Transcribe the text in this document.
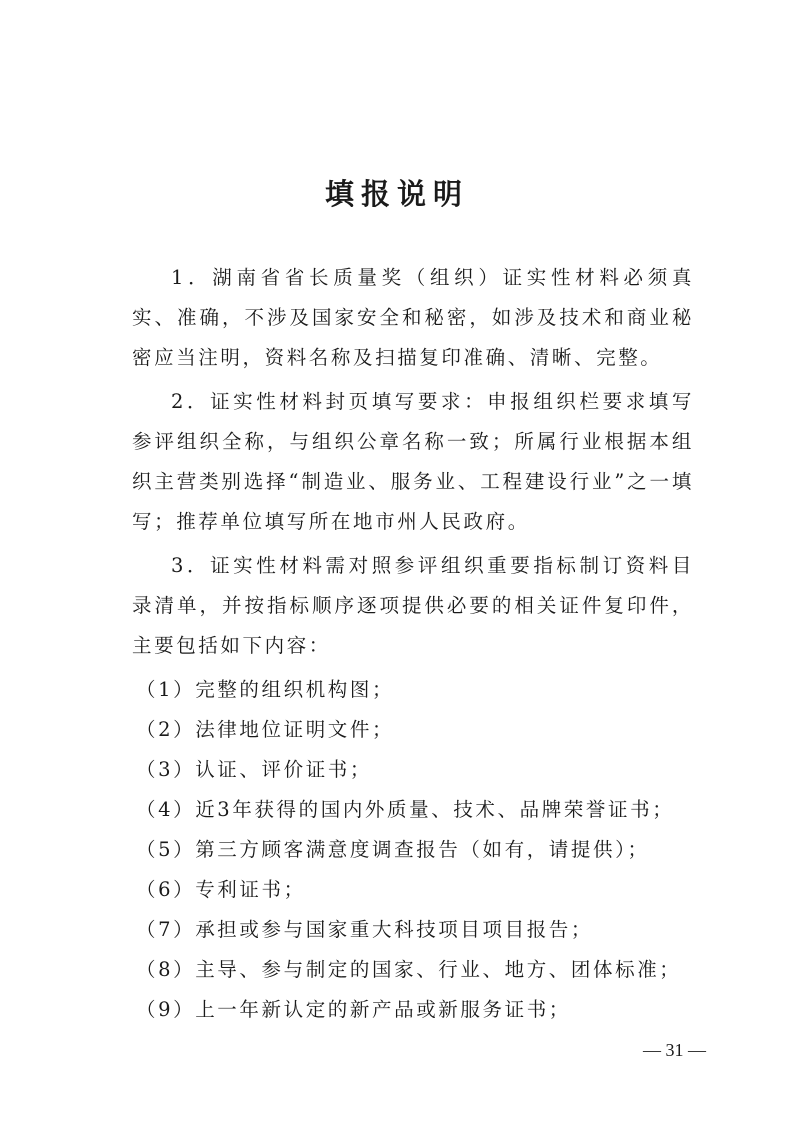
填报说明

1．湖南省省长质量奖（组织）证实性材料必须真实、准确，不涉及国家安全和秘密，如涉及技术和商业秘密应当注明，资料名称及扫描复印准确、清晰、完整。

2．证实性材料封页填写要求：申报组织栏要求填写参评组织全称，与组织公章名称一致；所属行业根据本组织主营类别选择“制造业、服务业、工程建设行业”之一填写；推荐单位填写所在地市州人民政府。

3．证实性材料需对照参评组织重要指标制订资料目录清单，并按指标顺序逐项提供必要的相关证件复印件，主要包括如下内容：

（1）完整的组织机构图；
（2）法律地位证明文件；
（3）认证、评价证书；
（4）近3年获得的国内外质量、技术、品牌荣誉证书；
（5）第三方顾客满意度调查报告（如有，请提供）；
（6）专利证书；
（7）承担或参与国家重大科技项目项目报告；
（8）主导、参与制定的国家、行业、地方、团体标准；
（9）上一年新认定的新产品或新服务证书；
— 31 —
